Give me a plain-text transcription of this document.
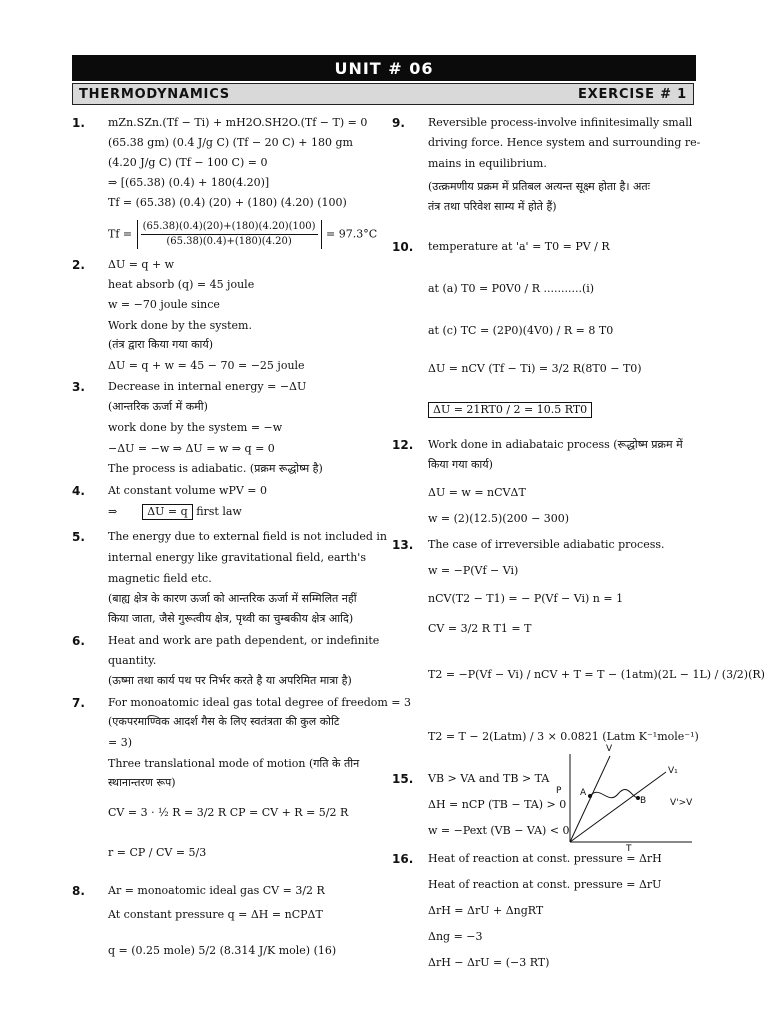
UNIT # 06
THERMODYNAMICS	EXERCISE # 1
1. mZn.SZn.(Tf − Ti) + mH2O.SH2O.(Tf − T) = 0
(65.38 gm) (0.4 J/g C) (Tf − 20 C) + 180 gm
(4.20 J/g C) (Tf − 100 C) = 0
⇒ [(65.38) (0.4) + 180(4.20)]
Tf = (65.38) (0.4) (20) + (180) (4.20) (100)
$Tf = \frac{(65.38)(0.4)(20)+(180)(4.20)(100)}{(65.38)(0.4)+(180)(4.20)} = 97.3^\circ C$
2. ΔU = q + w
heat absorb (q) = 45 joule
w = −70 joule since
Work done by the system.
(तंत्र द्वारा किया गया कार्य)
ΔU = q + w = 45 − 70 = −25 joule
3. Decrease in internal energy = −ΔU
(आन्तरिक ऊर्जा में कमी)
work done by the system = −w
−ΔU = −w ⇒ ΔU = w ⇒ q = 0
The process is adiabatic. (प्रक्रम रूद्धोष्म है)
4. At constant volume wPV = 0
⇒	ΔU = q first law
5. The energy due to external field is not included in
internal energy like gravitational field, earth's
magnetic field etc.
(बाह्य क्षेत्र के कारण ऊर्जा को आन्तरिक ऊर्जा में सम्मिलित नहीं
किया जाता, जैसे गुरूत्वीय क्षेत्र, पृथ्वी का चुम्बकीय क्षेत्र आदि)
6. Heat and work are path dependent, or indefinite
quantity.
(ऊष्मा तथा कार्य पथ पर निर्भर करते है या अपरिमित मात्रा है)
7. For monoatomic ideal gas total degree of freedom = 3
(एकपरमाण्विक आदर्श गैस के लिए स्वतंत्रता की कुल कोटि
= 3)
Three translational mode of motion (गति के तीन
स्थानान्तरण रूप)
CV = 3 · ½ R = 3/2 R CP = CV + R = 5/2 R
r = CP / CV = 5/3
8. Ar = monoatomic ideal gas CV = 3/2 R
At constant pressure q = ΔH = nCPΔT
q = (0.25 mole) 5/2 (8.314 J/K mole) (16)
9. Reversible process-involve infinitesimally small
driving force. Hence system and surrounding re-
mains in equilibrium.
(उत्क्रमणीय प्रक्रम में प्रतिबल अत्यन्त सूक्ष्म होता है। अतः
तंत्र तथा परिवेश साम्य में होते हैं)
10. temperature at 'a' = T0 = PV / R
at (a) T0 = P0V0 / R ...........(i)
at (c) TC = (2P0)(4V0) / R = 8 T0
ΔU = nCV (Tf − Ti) = 3/2 R(8T0 − T0)
ΔU = 21RT0 / 2 = 10.5 RT0
12. Work done in adiabataic process (रूद्धोष्म प्रक्रम में
किया गया कार्य)
ΔU = w = nCVΔT
w = (2)(12.5)(200 − 300)
13. The case of irreversible adiabatic process.
w = −P(Vf − Vi)
nCV(T2 − T1) = − P(Vf − Vi) n = 1
CV = 3/2 R T1 = T
T2 = −P(Vf − Vi) / nCV + T = T − (1atm)(2L − 1L) / (3/2)(R)
T2 = T − 2(Latm) / 3 × 0.0821 (Latm K⁻¹mole⁻¹)
15. VB > VA and TB > TA
ΔH = nCP (TB − TA) > 0
w = −Pext (VB − VA) < 0
16. Heat of reaction at const. pressure = ΔrH
Heat of reaction at const. pressure = ΔrU
ΔrH = ΔrU + ΔngRT
Δng = −3
ΔrH − ΔrU = (−3 RT)
V
V₁
P A
B
T
V'>V
